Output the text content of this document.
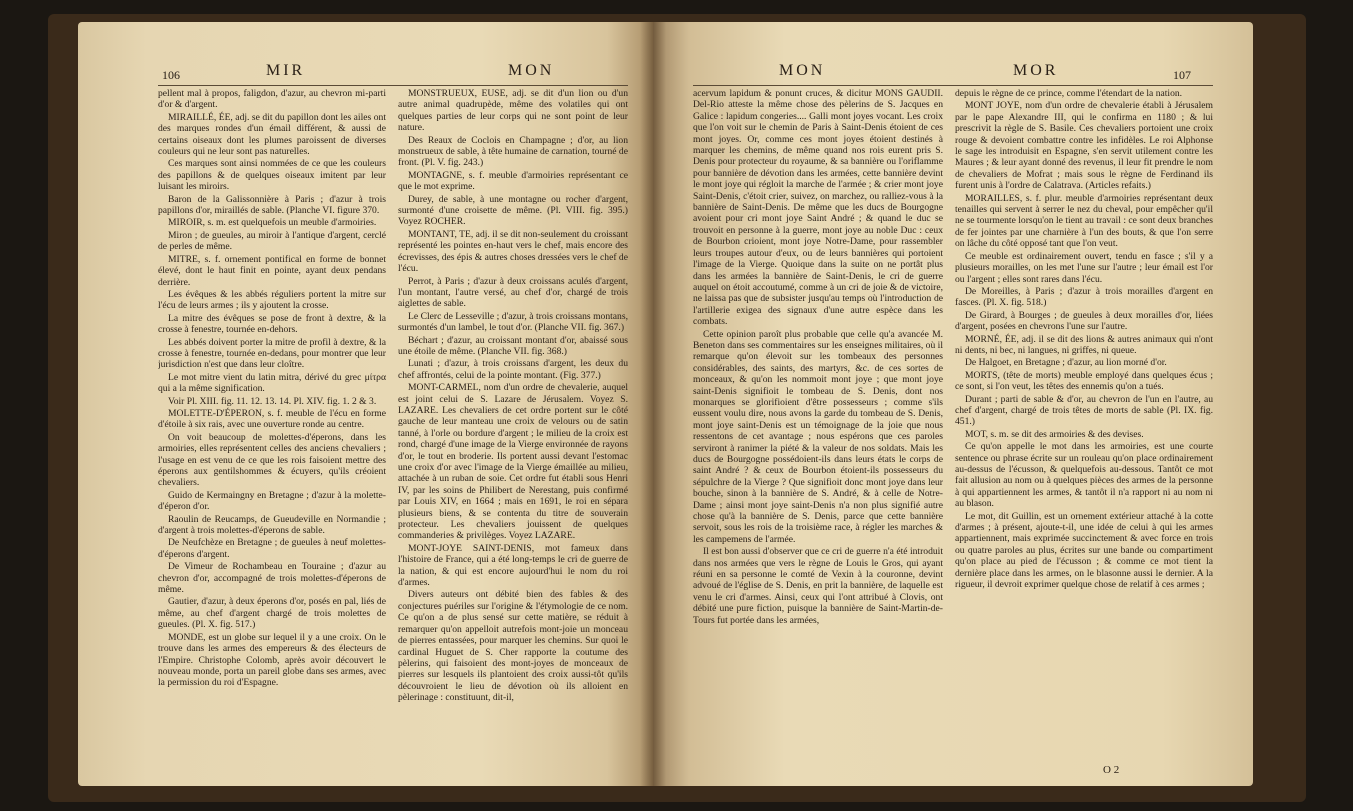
106	MIR	MON

pellent mal à propos, faligdon, d'azur, au chevron mi-parti d'or & d'argent.

MIRAILLÉ, ÉE, adj. se dit du papillon dont les ailes ont des marques rondes d'un émail différent, & aussi de certains oiseaux dont les plumes paroissent de diverses couleurs qui ne leur sont pas naturelles.

Ces marques sont ainsi nommées de ce que les couleurs des papillons & de quelques oiseaux imitent par leur luisant les miroirs.

Baron de la Galissonnière à Paris ; d'azur à trois papillons d'or, miraillés de sable. (Planche VI. figure 370.

MIROIR, s. m. est quelquefois un meuble d'armoiries.

Miron ; de gueules, au miroir à l'antique d'argent, cerclé de perles de même.

MITRE, s. f. ornement pontifical en forme de bonnet élevé, dont le haut finit en pointe, ayant deux pendans derrière.

Les évêques & les abbés réguliers portent la mitre sur l'écu de leurs armes ; ils y ajoutent la crosse.

La mitre des évêques se pose de front à dextre, & la crosse à fenestre, tournée en-dehors.

Les abbés doivent porter la mitre de profil à dextre, & la crosse à fenestre, tournée en-dedans, pour montrer que leur jurisdiction n'est que dans leur cloître.

Le mot mitre vient du latin mitra, dérivé du grec μίτρα qui a la même signification.

Voir Pl. XIII. fig. 11. 12. 13. 14. Pl. XIV. fig. 1. 2 & 3.

MOLETTE-D'ÉPERON, s. f. meuble de l'écu en forme d'étoile à six rais, avec une ouverture ronde au centre.

On voit beaucoup de molettes-d'éperons, dans les armoiries, elles représentent celles des anciens chevaliers ; l'usage en est venu de ce que les rois faisoient mettre des éperons aux gentilshommes & écuyers, qu'ils créoient chevaliers.

Guido de Kermaingny en Bretagne ; d'azur à la molette-d'éperon d'or.

Raoulin de Reucamps, de Gueudeville en Normandie ; d'argent à trois molettes-d'éperons de sable.

De Neufchèze en Bretagne ; de gueules à neuf molettes-d'éperons d'argent.

De Vimeur de Rochambeau en Touraine ; d'azur au chevron d'or, accompagné de trois molettes-d'éperons de même.

Gautier, d'azur, à deux éperons d'or, posés en pal, liés de même, au chef d'argent chargé de trois molettes de gueules. (Pl. X. fig. 517.)

MONDE, est un globe sur lequel il y a une croix. On le trouve dans les armes des empereurs & des électeurs de l'Empire. Christophe Colomb, après avoir découvert le nouveau monde, porta un pareil globe dans ses armes, avec la permission du roi d'Espagne.

MONSTRUEUX, EUSE, adj. se dit d'un lion ou d'un autre animal quadrupède, même des volatiles qui ont quelques parties de leur corps qui ne sont point de leur nature.

Des Reaux de Coclois en Champagne ; d'or, au lion monstrueux de sable, à tête humaine de carnation, tourné de front. (Pl. V. fig. 243.)

MONTAGNE, s. f. meuble d'armoiries représentant ce que le mot exprime.

Durey, de sable, à une montagne ou rocher d'argent, surmonté d'une croisette de même. (Pl. VIII. fig. 395.) Voyez ROCHER.

MONTANT, TE, adj. il se dit non-seulement du croissant représenté les pointes en-haut vers le chef, mais encore des écrevisses, des épis & autres choses dressées vers le chef de l'écu.

Perrot, à Paris ; d'azur à deux croissans aculés d'argent, l'un montant, l'autre versé, au chef d'or, chargé de trois aiglettes de sable.

Le Clerc de Lesseville ; d'azur, à trois croissans montans, surmontés d'un lambel, le tout d'or. (Planche VII. fig. 367.)

Béchart ; d'azur, au croissant montant d'or, abaissé sous une étoile de même. (Planche VII. fig. 368.)

Lunati ; d'azur, à trois croissans d'argent, les deux du chef affrontés, celui de la pointe montant. (Fig. 377.)

MONT-CARMEL, nom d'un ordre de chevalerie, auquel est joint celui de S. Lazare de Jérusalem. Voyez S. LAZARE. Les chevaliers de cet ordre portent sur le côté gauche de leur manteau une croix de velours ou de satin tanné, à l'orle ou bordure d'argent ; le milieu de la croix est rond, chargé d'une image de la Vierge environnée de rayons d'or, le tout en broderie. Ils portent aussi devant l'estomac une croix d'or avec l'image de la Vierge émaillée au milieu, attachée à un ruban de soie. Cet ordre fut établi sous Henri IV, par les soins de Philibert de Nerestang, puis confirmé par Louis XIV, en 1664 ; mais en 1691, le roi en sépara plusieurs biens, & se contenta du titre de souverain protecteur. Les chevaliers jouissent de quelques commanderies & privilèges. Voyez LAZARE.

MONT-JOYE SAINT-DENIS, mot fameux dans l'histoire de France, qui a été long-temps le cri de guerre de la nation, & qui est encore aujourd'hui le nom du roi d'armes.

Divers auteurs ont débité bien des fables & des conjectures puériles sur l'origine & l'étymologie de ce nom. Ce qu'on a de plus sensé sur cette matière, se réduit à remarquer qu'on appelloit autrefois mont-joie un monceau de pierres entassées, pour marquer les chemins. Sur quoi le cardinal Huguet de S. Cher rapporte la coutume des pèlerins, qui faisoient des mont-joyes de monceaux de pierres sur lesquels ils plantoient des croix aussi-tôt qu'ils découvroient le lieu de dévotion où ils alloient en pèlerinage : constituunt, dit-il,

MON	MOR	107

acervum lapidum & ponunt cruces, & dicitur MONS GAUDII. Del-Rio atteste la même chose des pèlerins de S. Jacques en Galice : lapidum congeries.... Galli mont joyes vocant. Les croix que l'on voit sur le chemin de Paris à Saint-Denis étoient de ces mont joyes. Or, comme ces mont joyes étoient destinés à marquer les chemins, de même quand nos rois eurent pris S. Denis pour protecteur du royaume, & sa bannière ou l'oriflamme pour bannière de dévotion dans les armées, cette bannière devint le mont joye qui régloit la marche de l'armée ; & crier mont joye Saint-Denis, c'étoit crier, suivez, on marchez, ou ralliez-vous à la bannière de Saint-Denis. De même que les ducs de Bourgogne avoient pour cri mont joye Saint André ; & quand le duc se trouvoit en personne à la guerre, mont joye au noble Duc : ceux de Bourbon crioient, mont joye Notre-Dame, pour rassembler leurs troupes autour d'eux, ou de leurs bannières qui portoient l'image de la Vierge. Quoique dans la suite on ne portât plus dans les armées la bannière de Saint-Denis, le cri de guerre auquel on étoit accoutumé, comme à un cri de joie & de victoire, ne laissa pas que de subsister jusqu'au temps où l'introduction de l'artillerie exigea des signaux d'une autre espèce dans les combats.

Cette opinion paroît plus probable que celle qu'a avancée M. Beneton dans ses commentaires sur les enseignes militaires, où il remarque qu'on élevoit sur les tombeaux des personnes considérables, des saints, des martyrs, &c. de ces sortes de monceaux, & qu'on les nommoit mont joye ; que mont joye saint-Denis signifioit le tombeau de S. Denis, dont nos monarques se glorifioient d'être possesseurs ; comme s'ils eussent voulu dire, nous avons la garde du tombeau de S. Denis, mont joye saint-Denis est un témoignage de la joie que nous ressentons de cet avantage ; nous espérons que ces paroles serviront à ranimer la piété & la valeur de nos soldats. Mais les ducs de Bourgogne possédoient-ils dans leurs états le corps de saint André ? & ceux de Bourbon étoient-ils possesseurs du sépulchre de la Vierge ? Que signifioit donc mont joye dans leur bouche, sinon à la bannière de S. André, & à celle de Notre-Dame ; ainsi mont joye saint-Denis n'a non plus signifié autre chose qu'à la bannière de S. Denis, parce que cette bannière servoit, sous les rois de la troisième race, à régler les marches & les campemens de l'armée.

Il est bon aussi d'observer que ce cri de guerre n'a été introduit dans nos armées que vers le règne de Louis le Gros, qui ayant réuni en sa personne le comté de Vexin à la couronne, devint advoué de l'église de S. Denis, en prit la bannière, de laquelle est venu le cri d'armes. Ainsi, ceux qui l'ont attribué à Clovis, ont débité une pure fiction, puisque la bannière de Saint-Martin-de-Tours fut portée dans les armées,

depuis le règne de ce prince, comme l'étendart de la nation.

MONT JOYE, nom d'un ordre de chevalerie établi à Jérusalem par le pape Alexandre III, qui le confirma en 1180 ; & lui prescrivit la règle de S. Basile. Ces chevaliers portoient une croix rouge & devoient combattre contre les infidèles. Le roi Alphonse le sage les introduisit en Espagne, s'en servit utilement contre les Maures ; & leur ayant donné des revenus, il leur fit prendre le nom de chevaliers de Mofrat ; mais sous le règne de Ferdinand ils furent unis à l'ordre de Calatrava. (Articles refaits.)

MORAILLES, s. f. plur. meuble d'armoiries représentant deux tenailles qui servent à serrer le nez du cheval, pour empêcher qu'il ne se tourmente lorsqu'on le tient au travail : ce sont deux branches de fer jointes par une charnière à l'un des bouts, & que l'on serre on lâche du côté opposé tant que l'on veut.

Ce meuble est ordinairement ouvert, tendu en fasce ; s'il y a plusieurs morailles, on les met l'une sur l'autre ; leur émail est l'or ou l'argent ; elles sont rares dans l'écu.

De Moreilles, à Paris ; d'azur à trois morailles d'argent en fasces. (Pl. X. fig. 518.)

De Girard, à Bourges ; de gueules à deux morailles d'or, liées d'argent, posées en chevrons l'une sur l'autre.

MORNÉ, ÉE, adj. il se dit des lions & autres animaux qui n'ont ni dents, ni bec, ni langues, ni griffes, ni queue.

De Halgoet, en Bretagne ; d'azur, au lion morné d'or.

MORTS, (tête de morts) meuble employé dans quelques écus ; ce sont, si l'on veut, les têtes des ennemis qu'on a tués.

Durant ; parti de sable & d'or, au chevron de l'un en l'autre, au chef d'argent, chargé de trois têtes de morts de sable (Pl. IX. fig. 451.)

MOT, s. m. se dit des armoiries & des devises.

Ce qu'on appelle le mot dans les armoiries, est une courte sentence ou phrase écrite sur un rouleau qu'on place ordinairement au-dessus de l'écusson, & quelquefois au-dessous. Tantôt ce mot fait allusion au nom ou à quelques pièces des armes de la personne à qui appartiennent les armes, & tantôt il n'a rapport ni au nom ni au blason.

Le mot, dit Guillin, est un ornement extérieur attaché à la cotte d'armes ; à présent, ajoute-t-il, une idée de celui à qui les armes appartiennent, mais exprimée succinctement & avec force en trois ou quatre paroles au plus, écrites sur une bande ou compartiment qu'on place au pied de l'écusson ; & comme ce mot tient la dernière place dans les armes, on le blasonne aussi le dernier. A la rigueur, il devroit exprimer quelque chose de relatif à ces armes ;

O 2
